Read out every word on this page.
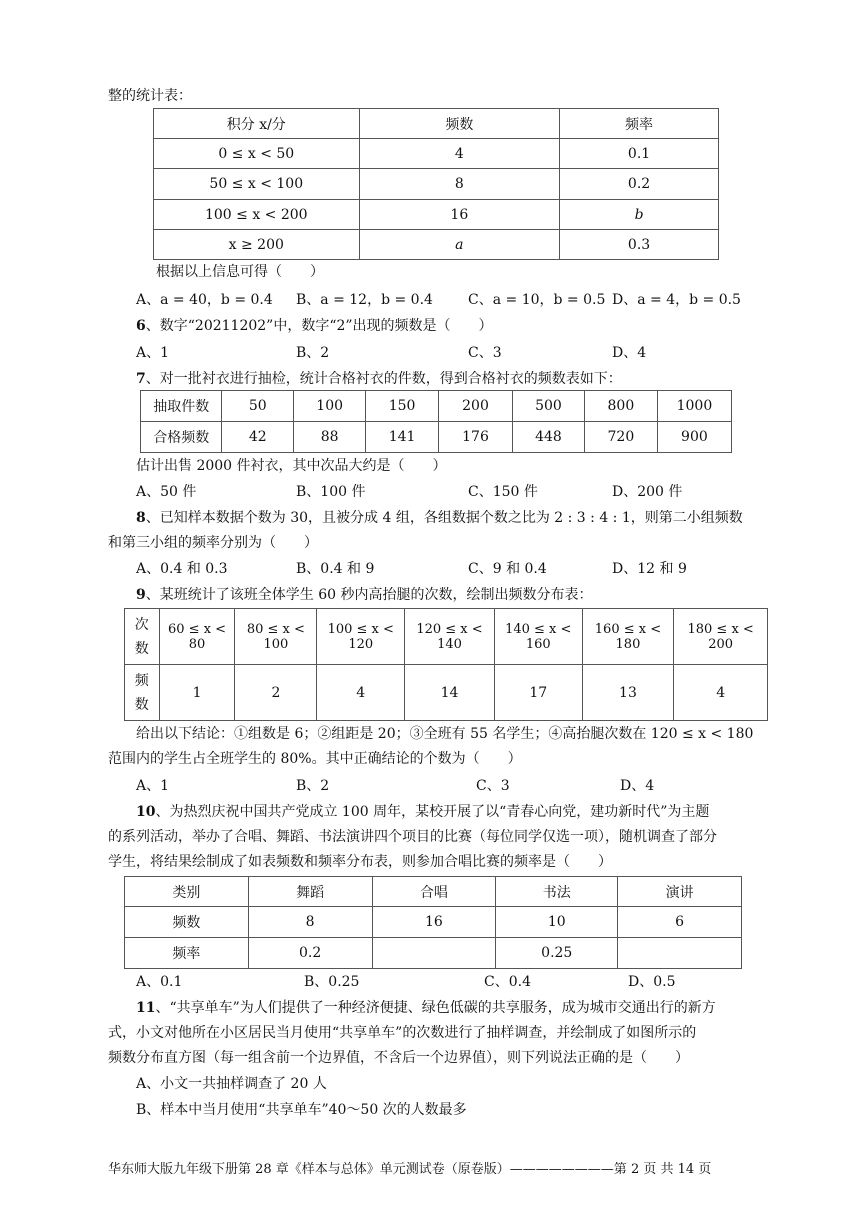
整的统计表：
积分 x/分	频数	频率
0 ≤ x < 50	4	0.1
50 ≤ x < 100	8	0.2
100 ≤ x < 200	16	b
x ≥ 200	a	0.3
根据以上信息可得（　　）
A、a = 40，b = 0.4 B、a = 12，b = 0.4	C、a = 10，b = 0.5 D、a = 4，b = 0.5
6、数字“20211202”中，数字“2”出现的频数是（　　）
A、1	B、2	C、3	D、4
7、对一批衬衣进行抽检，统计合格衬衣的件数，得到合格衬衣的频数表如下：
抽取件数	50	100	150	200	500	800	1000
合格频数	42	88	141	176	448	720	900
估计出售 2000 件衬衣，其中次品大约是（　　）
A、50 件	B、100 件	C、150 件	D、200 件
8、已知样本数据个数为 30，且被分成 4 组，各组数据个数之比为 2 : 3 : 4 : 1，则第二小组频数
和第三小组的频率分别为（　　）
A、0.4 和 0.3	B、0.4 和 9	C、9 和 0.4	D、12 和 9
9、某班统计了该班全体学生 60 秒内高抬腿的次数，绘制出频数分布表：
次数	60 ≤ x < 80	80 ≤ x < 100	100 ≤ x < 120	120 ≤ x < 140	140 ≤ x < 160	160 ≤ x < 180	180 ≤ x < 200

频数	1	2	4	14	17	13	4
给出以下结论：①组数是 6；②组距是 20；③全班有 55 名学生；④高抬腿次数在 120 ≤ x < 180
范围内的学生占全班学生的 80%。其中正确结论的个数为（　　）
A、1	B、2	C、3	D、4
10、为热烈庆祝中国共产党成立 100 周年，某校开展了以“青春心向党，建功新时代”为主题
的系列活动，举办了合唱、舞蹈、书法演讲四个项目的比赛（每位同学仅选一项），随机调查了部分
学生，将结果绘制成了如表频数和频率分布表，则参加合唱比赛的频率是（　　）
类别	舞蹈	合唱	书法	演讲
频数	8	16	10	6
频率	0.2		0.25	
A、0.1	B、0.25	C、0.4	D、0.5
11、“共享单车”为人们提供了一种经济便捷、绿色低碳的共享服务，成为城市交通出行的新方
式，小文对他所在小区居民当月使用“共享单车”的次数进行了抽样调查，并绘制成了如图所示的
频数分布直方图（每一组含前一个边界值，不含后一个边界值），则下列说法正确的是（　　）
A、小文一共抽样调查了 20 人
B、样本中当月使用“共享单车”40～50 次的人数最多
华东师大版九年级下册第 28 章《样本与总体》单元测试卷（原卷版）————————第 2 页 共 14 页
